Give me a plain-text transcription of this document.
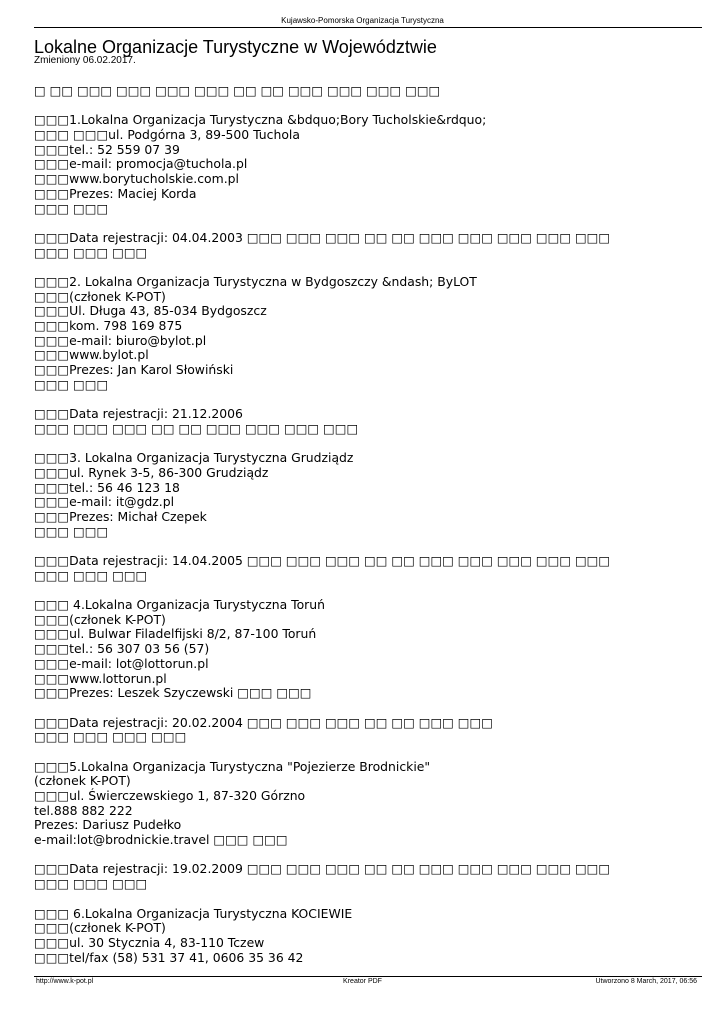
Kujawsko-Pomorska Organizacja Turystyczna
Lokalne Organizacje Turystyczne w Województwie
Zmieniony 06.02.2017.
□ □□ □□□ □□□ □□□ □□□ □□ □□ □□□ □□□ □□□ □□□
□□□1.Lokalna Organizacja Turystyczna &bdquo;Bory Tucholskie&rdquo;
□□□ □□□ul. Podgórna 3, 89-500 Tuchola
□□□tel.: 52 559 07 39
□□□e-mail: promocja@tuchola.pl
□□□www.borytucholskie.com.pl
□□□Prezes: Maciej Korda
□□□ □□□
□□□Data rejestracji: 04.04.2003 □□□ □□□ □□□ □□ □□ □□□ □□□ □□□ □□□ □□□
□□□ □□□ □□□
□□□2. Lokalna Organizacja Turystyczna w Bydgoszczy &ndash; ByLOT
□□□(członek K-POT)
□□□Ul. Długa 43, 85-034 Bydgoszcz
□□□kom. 798 169 875
□□□e-mail: biuro@bylot.pl
□□□www.bylot.pl
□□□Prezes: Jan Karol Słowiński
□□□ □□□
□□□Data rejestracji: 21.12.2006
□□□ □□□ □□□ □□ □□ □□□ □□□ □□□ □□□
□□□3. Lokalna Organizacja Turystyczna Grudziądz
□□□ul. Rynek 3-5, 86-300 Grudziądz
□□□tel.: 56 46 123 18
□□□e-mail: it@gdz.pl
□□□Prezes: Michał Czepek
□□□ □□□
□□□Data rejestracji: 14.04.2005 □□□ □□□ □□□ □□ □□ □□□ □□□ □□□ □□□ □□□
□□□ □□□ □□□
□□□ 4.Lokalna Organizacja Turystyczna Toruń
□□□(członek K-POT)
□□□ul. Bulwar Filadelfijski 8/2, 87-100 Toruń
□□□tel.: 56 307 03 56 (57)
□□□e-mail: lot@lottorun.pl
□□□www.lottorun.pl
□□□Prezes: Leszek Szyczewski □□□ □□□
□□□Data rejestracji: 20.02.2004 □□□ □□□ □□□ □□ □□ □□□ □□□
□□□ □□□ □□□ □□□
□□□5.Lokalna Organizacja Turystyczna "Pojezierze Brodnickie"
(członek K-POT)
□□□ul. Świerczewskiego 1, 87-320 Górzno
tel.888 882 222
Prezes: Dariusz Pudełko
e-mail:lot@brodnickie.travel □□□ □□□
□□□Data rejestracji: 19.02.2009 □□□ □□□ □□□ □□ □□ □□□ □□□ □□□ □□□ □□□
□□□ □□□ □□□
□□□ 6.Lokalna Organizacja Turystyczna KOCIEWIE
□□□(członek K-POT)
□□□ul. 30 Stycznia 4, 83-110 Tczew
□□□tel/fax (58) 531 37 41, 0606 35 36 42
http://www.k-pot.pl	Kreator PDF	Utworzono 8 March, 2017, 06:56
